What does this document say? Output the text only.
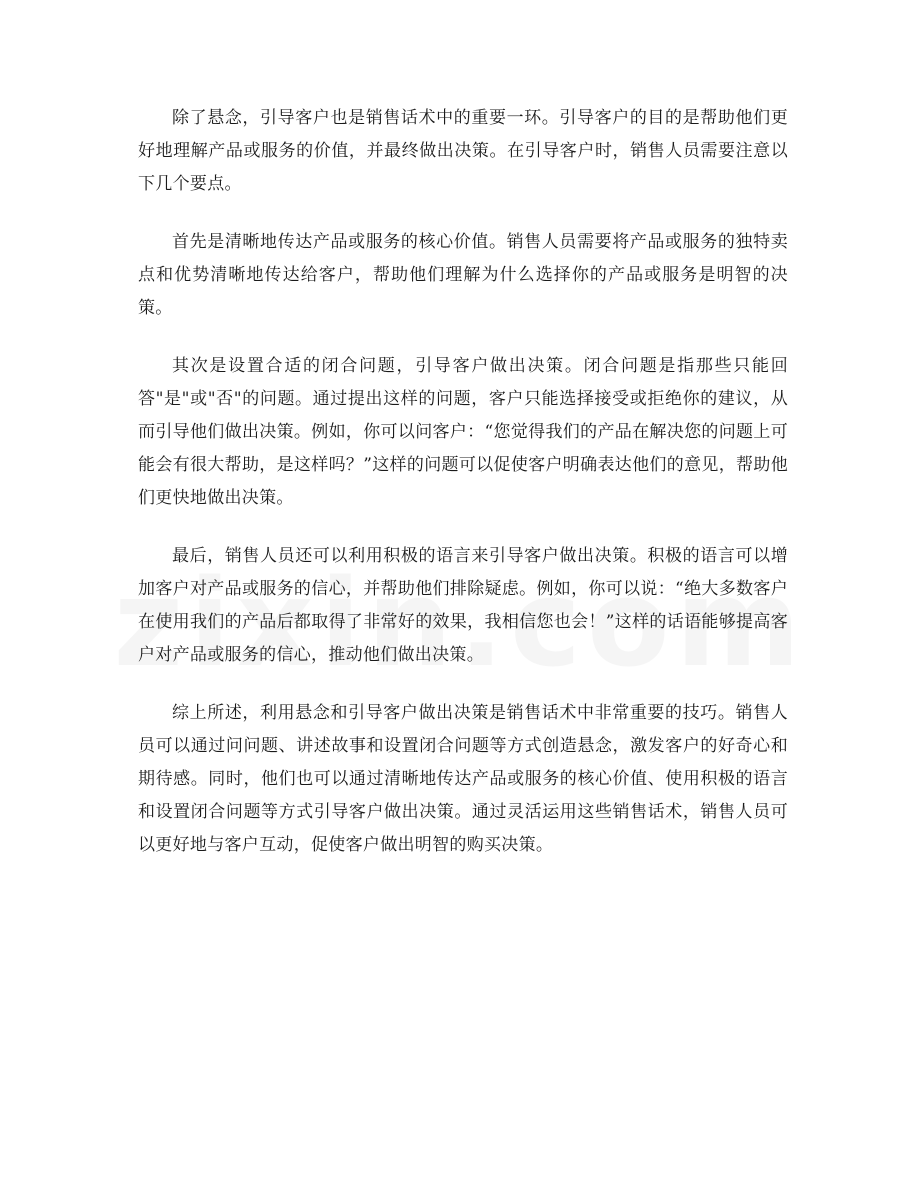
除了悬念，引导客户也是销售话术中的重要一环。引导客户的目的是帮助他们更好地理解产品或服务的价值，并最终做出决策。在引导客户时，销售人员需要注意以下几个要点。

首先是清晰地传达产品或服务的核心价值。销售人员需要将产品或服务的独特卖点和优势清晰地传达给客户，帮助他们理解为什么选择你的产品或服务是明智的决策。

其次是设置合适的闭合问题，引导客户做出决策。闭合问题是指那些只能回答"是"或"否"的问题。通过提出这样的问题，客户只能选择接受或拒绝你的建议，从而引导他们做出决策。例如，你可以问客户：“您觉得我们的产品在解决您的问题上可能会有很大帮助，是这样吗？”这样的问题可以促使客户明确表达他们的意见，帮助他们更快地做出决策。

最后，销售人员还可以利用积极的语言来引导客户做出决策。积极的语言可以增加客户对产品或服务的信心，并帮助他们排除疑虑。例如，你可以说：“绝大多数客户在使用我们的产品后都取得了非常好的效果，我相信您也会！”这样的话语能够提高客户对产品或服务的信心，推动他们做出决策。

综上所述，利用悬念和引导客户做出决策是销售话术中非常重要的技巧。销售人员可以通过问问题、讲述故事和设置闭合问题等方式创造悬念，激发客户的好奇心和期待感。同时，他们也可以通过清晰地传达产品或服务的核心价值、使用积极的语言和设置闭合问题等方式引导客户做出决策。通过灵活运用这些销售话术，销售人员可以更好地与客户互动，促使客户做出明智的购买决策。
